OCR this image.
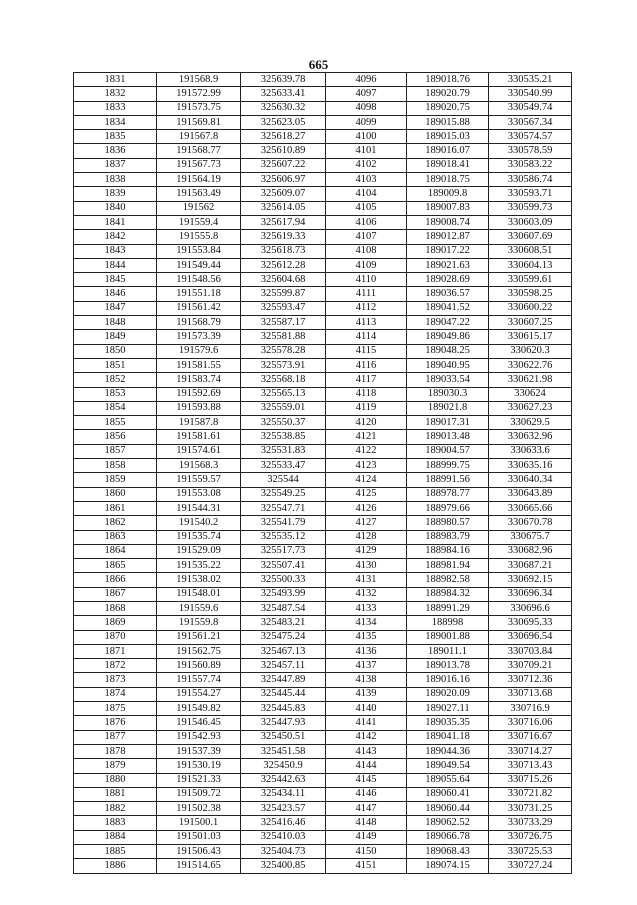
665
1831	191568.9	325639.78	4096	189018.76	330535.21
1832	191572.99	325633.41	4097	189020.79	330540.99
1833	191573.75	325630.32	4098	189020.75	330549.74
1834	191569.81	325623.05	4099	189015.88	330567.34
1835	191567.8	325618.27	4100	189015.03	330574.57
1836	191568.77	325610.89	4101	189016.07	330578.59
1837	191567.73	325607.22	4102	189018.41	330583.22
1838	191564.19	325606.97	4103	189018.75	330586.74
1839	191563.49	325609.07	4104	189009.8	330593.71
1840	191562	325614.05	4105	189007.83	330599.73
1841	191559.4	325617.94	4106	189008.74	330603.09
1842	191555.8	325619.33	4107	189012.87	330607.69
1843	191553.84	325618.73	4108	189017.22	330608.51
1844	191549.44	325612.28	4109	189021.63	330604.13
1845	191548.56	325604.68	4110	189028.69	330599.61
1846	191551.18	325599.87	4111	189036.57	330598.25
1847	191561.42	325593.47	4112	189041.52	330600.22
1848	191568.79	325587.17	4113	189047.22	330607.25
1849	191573.39	325581.88	4114	189049.86	330615.17
1850	191579.6	325578.28	4115	189048.25	330620.3
1851	191581.55	325573.91	4116	189040.95	330622.76
1852	191583.74	325568.18	4117	189033.54	330621.98
1853	191592.69	325565.13	4118	189030.3	330624
1854	191593.88	325559.01	4119	189021.8	330627.23
1855	191587.8	325550.37	4120	189017.31	330629.5
1856	191581.61	325538.85	4121	189013.48	330632.96
1857	191574.61	325531.83	4122	189004.57	330633.6
1858	191568.3	325533.47	4123	188999.75	330635.16
1859	191559.57	325544	4124	188991.56	330640.34
1860	191553.08	325549.25	4125	188978.77	330643.89
1861	191544.31	325547.71	4126	188979.66	330665.66
1862	191540.2	325541.79	4127	188980.57	330670.78
1863	191535.74	325535.12	4128	188983.79	330675.7
1864	191529.09	325517.73	4129	188984.16	330682.96
1865	191535.22	325507.41	4130	188981.94	330687.21
1866	191538.02	325500.33	4131	188982.58	330692.15
1867	191548.01	325493.99	4132	188984.32	330696.34
1868	191559.6	325487.54	4133	188991.29	330696.6
1869	191559.8	325483.21	4134	188998	330695.33
1870	191561.21	325475.24	4135	189001.88	330696.54
1871	191562.75	325467.13	4136	189011.1	330703.84
1872	191560.89	325457.11	4137	189013.78	330709.21
1873	191557.74	325447.89	4138	189016.16	330712.36
1874	191554.27	325445.44	4139	189020.09	330713.68
1875	191549.82	325445.83	4140	189027.11	330716.9
1876	191546.45	325447.93	4141	189035.35	330716.06
1877	191542.93	325450.51	4142	189041.18	330716.67
1878	191537.39	325451.58	4143	189044.36	330714.27
1879	191530.19	325450.9	4144	189049.54	330713.43
1880	191521.33	325442.63	4145	189055.64	330715.26
1881	191509.72	325434.11	4146	189060.41	330721.82
1882	191502.38	325423.57	4147	189060.44	330731.25
1883	191500.1	325416.46	4148	189062.52	330733.29
1884	191501.03	325410.03	4149	189066.78	330726.75
1885	191506.43	325404.73	4150	189068.43	330725.53
1886	191514.65	325400.85	4151	189074.15	330727.24
